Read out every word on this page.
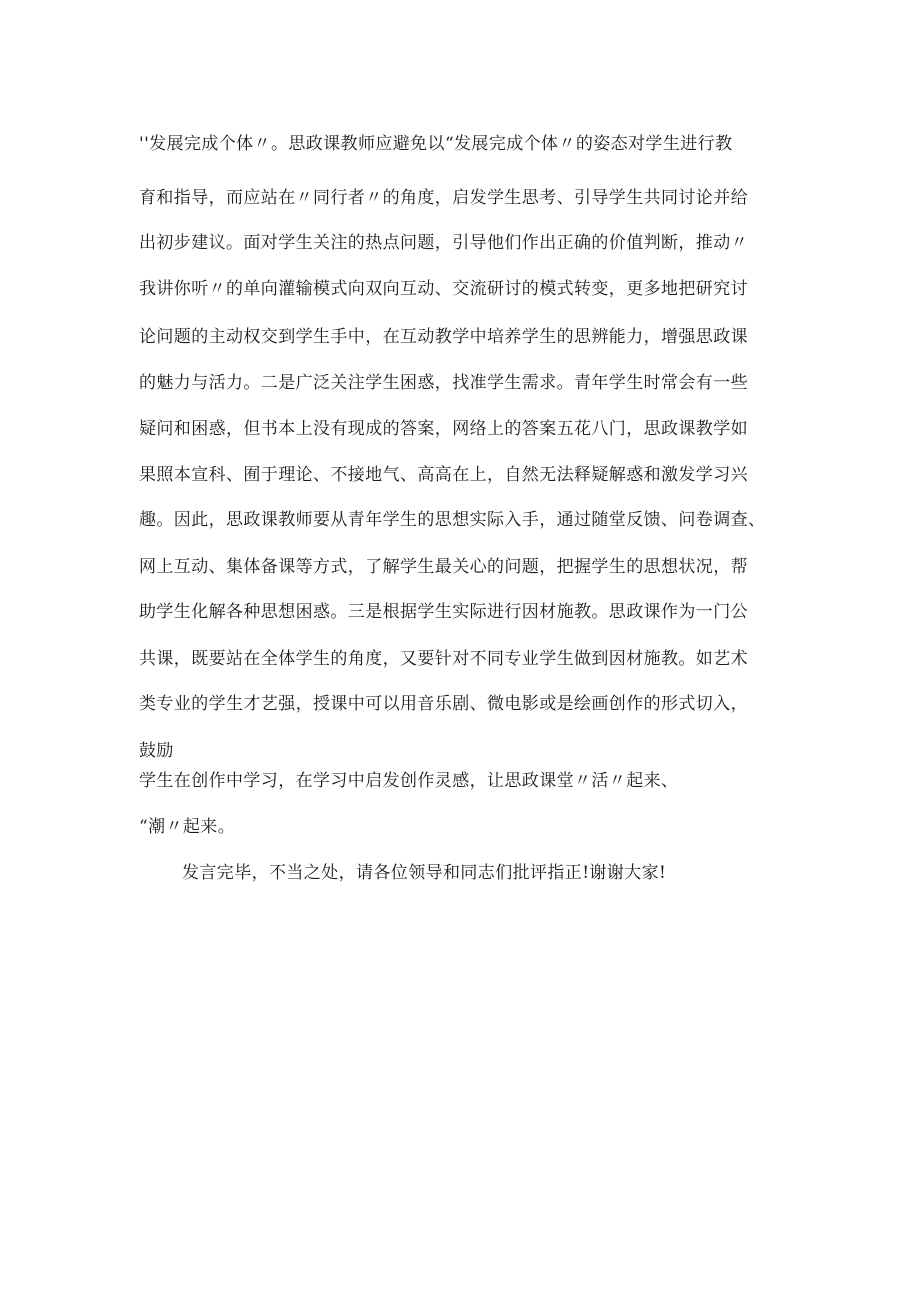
''发展完成个体〃。思政课教师应避免以“发展完成个体〃的姿态对学生进行教
育和指导，而应站在〃同行者〃的角度，启发学生思考、引导学生共同讨论并给
出初步建议。面对学生关注的热点问题，引导他们作出正确的价值判断，推动〃
我讲你听〃的单向灌输模式向双向互动、交流研讨的模式转变，更多地把研究讨
论问题的主动权交到学生手中，在互动教学中培养学生的思辨能力，增强思政课
的魅力与活力。二是广泛关注学生困惑，找准学生需求。青年学生时常会有一些
疑问和困惑，但书本上没有现成的答案，网络上的答案五花八门，思政课教学如
果照本宣科、囿于理论、不接地气、高高在上，自然无法释疑解惑和激发学习兴
趣。因此，思政课教师要从青年学生的思想实际入手，通过随堂反馈、问卷调查、
网上互动、集体备课等方式，了解学生最关心的问题，把握学生的思想状况，帮
助学生化解各种思想困惑。三是根据学生实际进行因材施教。思政课作为一门公
共课，既要站在全体学生的角度，又要针对不同专业学生做到因材施教。如艺术
类专业的学生才艺强，授课中可以用音乐剧、微电影或是绘画创作的形式切入，
鼓励
学生在创作中学习，在学习中启发创作灵感，让思政课堂〃活〃起来、
“潮〃起来。
发言完毕，不当之处，请各位领导和同志们批评指正!谢谢大家!
